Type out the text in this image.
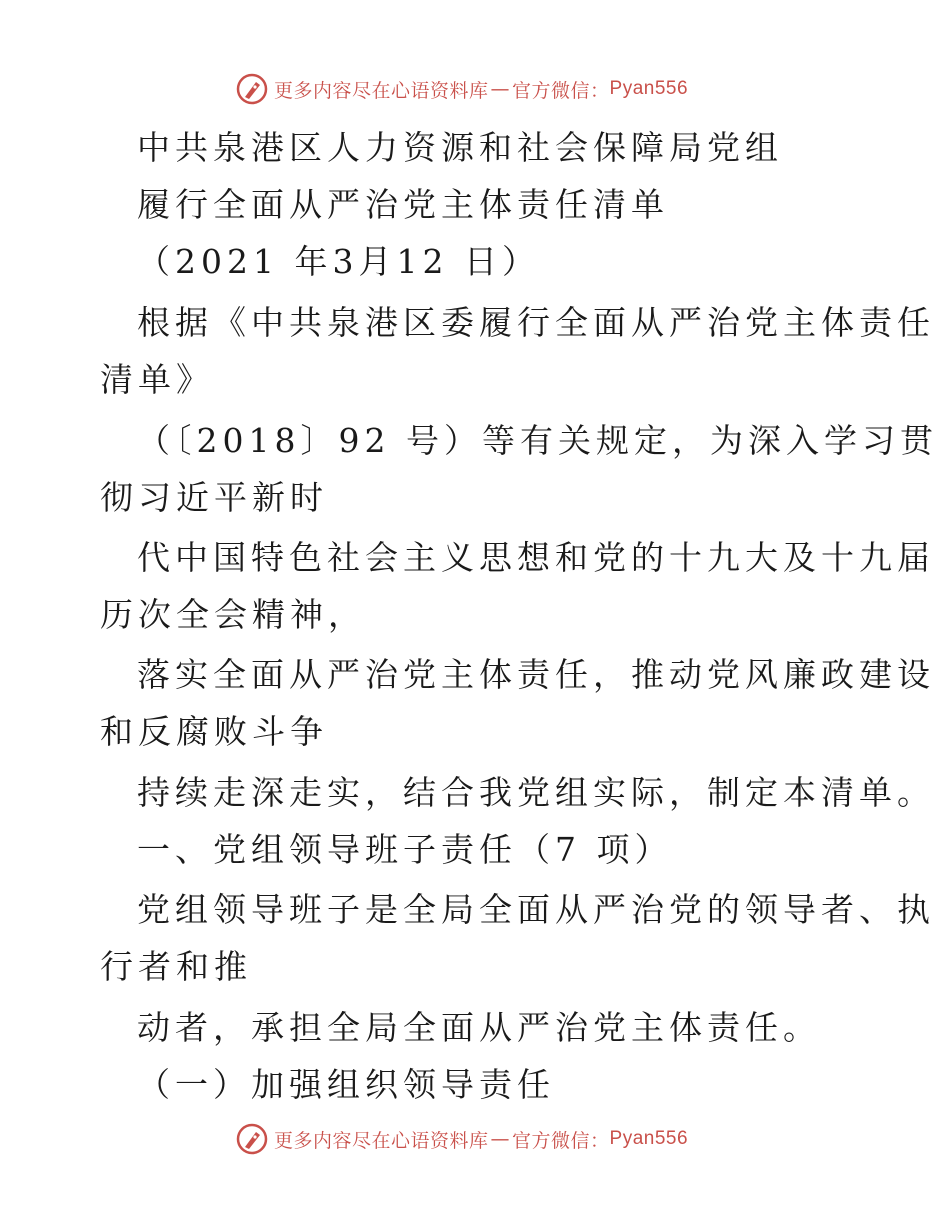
更多内容尽在心语资料库 — 官方微信： Pyan556
中共泉港区人力资源和社会保障局党组
履行全面从严治党主体责任清单
（2021 年3月12 日）
根据《中共泉港区委履行全面从严治党主体责任
清单》
（〔2018〕92 号）等有关规定，为深入学习贯
彻习近平新时
代中国特色社会主义思想和党的十九大及十九届
历次全会精神，
落实全面从严治党主体责任，推动党风廉政建设
和反腐败斗争
持续走深走实，结合我党组实际，制定本清单。
一、党组领导班子责任（7 项）
党组领导班子是全局全面从严治党的领导者、执
行者和推
动者，承担全局全面从严治党主体责任。
（一）加强组织领导责任
更多内容尽在心语资料库 — 官方微信： Pyan556
